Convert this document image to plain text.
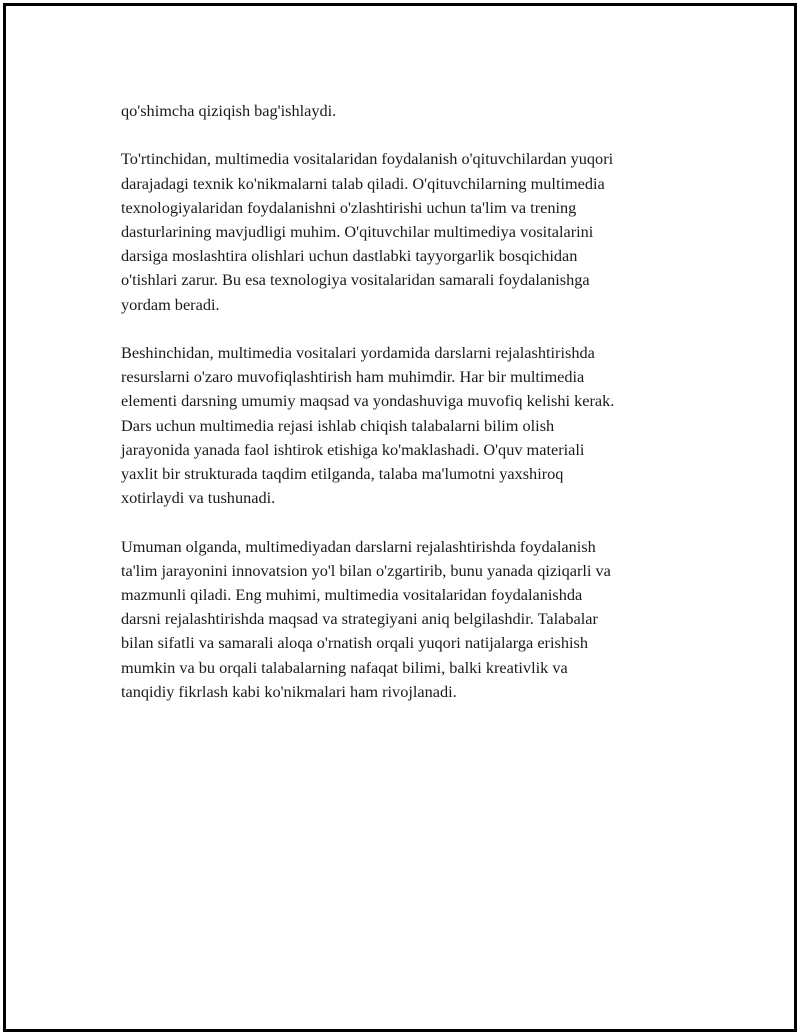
qo'shimcha qiziqish bag'ishlaydi.

To'rtinchidan, multimedia vositalaridan foydalanish o'qituvchilardan yuqori
darajadagi texnik ko'nikmalarni talab qiladi. O'qituvchilarning multimedia
texnologiyalaridan foydalanishni o'zlashtirishi uchun ta'lim va trening
dasturlarining mavjudligi muhim. O'qituvchilar multimediya vositalarini
darsiga moslashtira olishlari uchun dastlabki tayyorgarlik bosqichidan
o'tishlari zarur. Bu esa texnologiya vositalaridan samarali foydalanishga
yordam beradi.

Beshinchidan, multimedia vositalari yordamida darslarni rejalashtirishda
resurslarni o'zaro muvofiqlashtirish ham muhimdir. Har bir multimedia
elementi darsning umumiy maqsad va yondashuviga muvofiq kelishi kerak.
Dars uchun multimedia rejasi ishlab chiqish talabalarni bilim olish
jarayonida yanada faol ishtirok etishiga ko'maklashadi. O'quv materiali
yaxlit bir strukturada taqdim etilganda, talaba ma'lumotni yaxshiroq
xotirlaydi va tushunadi.

Umuman olganda, multimediyadan darslarni rejalashtirishda foydalanish
ta'lim jarayonini innovatsion yo'l bilan o'zgartirib, bunu yanada qiziqarli va
mazmunli qiladi. Eng muhimi, multimedia vositalaridan foydalanishda
darsni rejalashtirishda maqsad va strategiyani aniq belgilashdir. Talabalar
bilan sifatli va samarali aloqa o'rnatish orqali yuqori natijalarga erishish
mumkin va bu orqali talabalarning nafaqat bilimi, balki kreativlik va
tanqidiy fikrlash kabi ko'nikmalari ham rivojlanadi.
